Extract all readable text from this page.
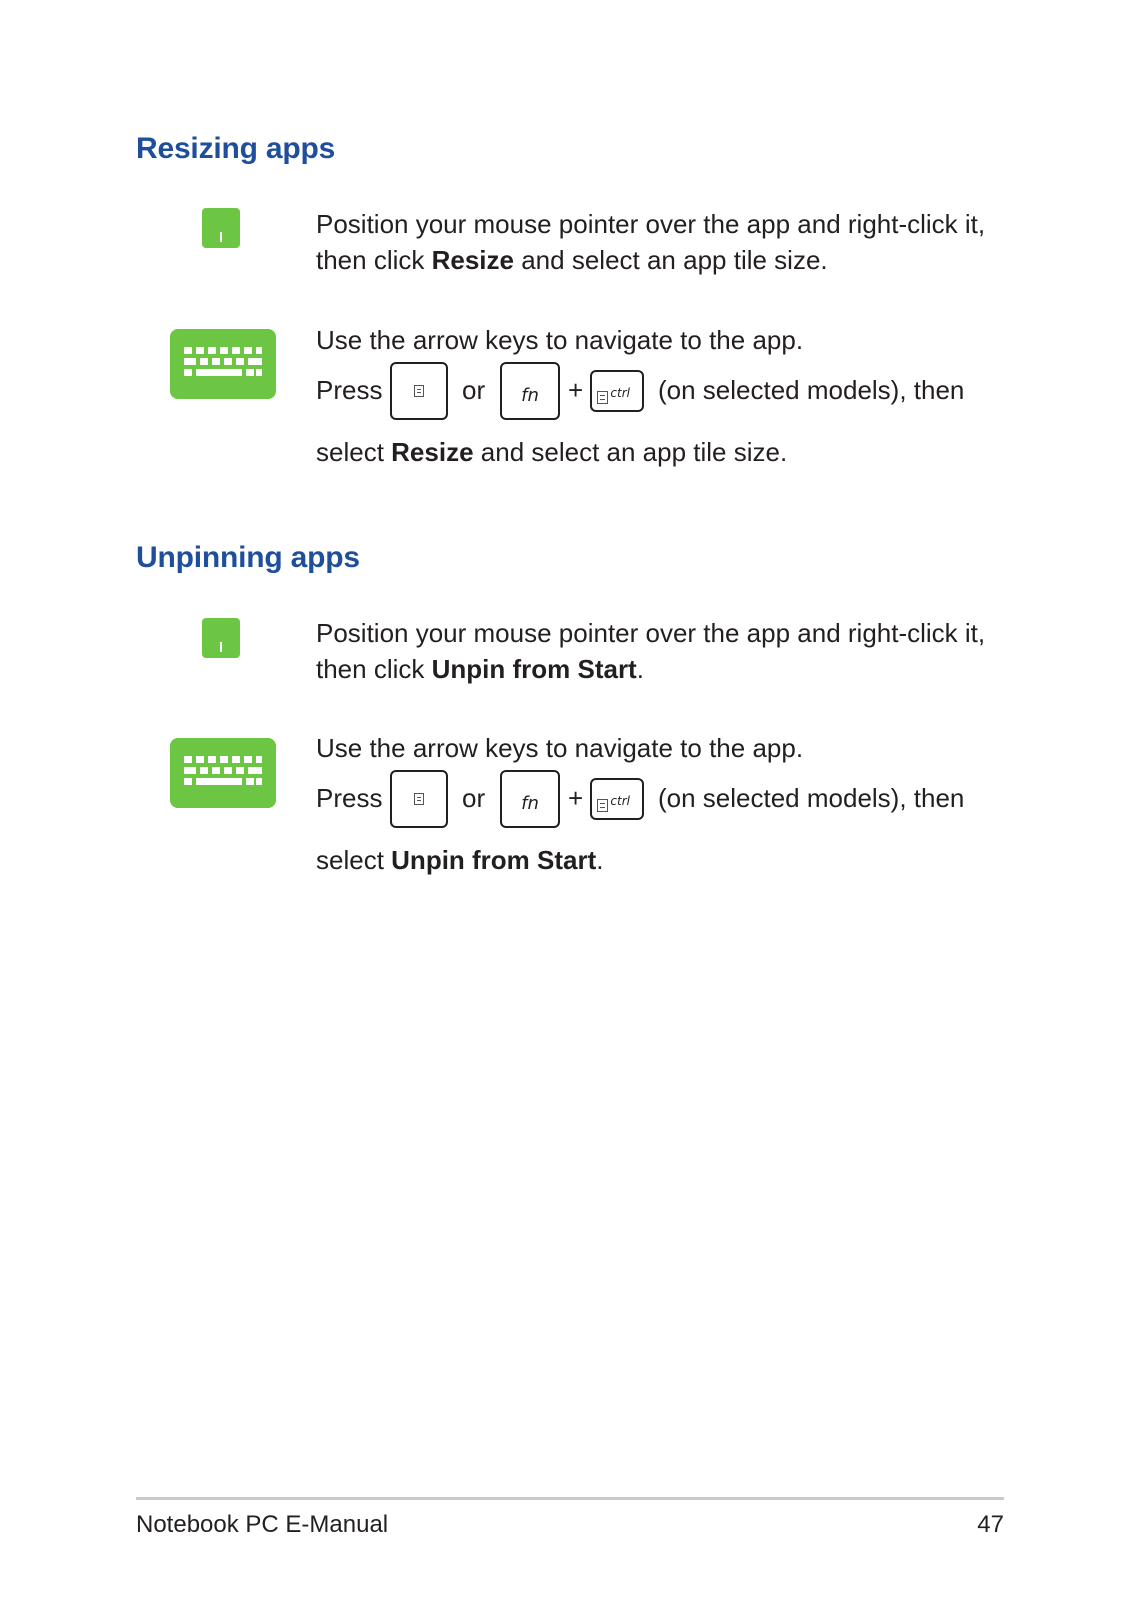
Resizing apps

Position your mouse pointer over the app and right-click it, then click Resize and select an app tile size.

Use the arrow keys to navigate to the app.

Press	or	fn	+ ctrl (on selected models), then

select Resize and select an app tile size.

Unpinning apps

Position your mouse pointer over the app and right-click it, then click Unpin from Start.

Use the arrow keys to navigate to the app.

Press	or	fn	+ ctrl (on selected models), then

select Unpin from Start.

Notebook PC E-Manual	47
